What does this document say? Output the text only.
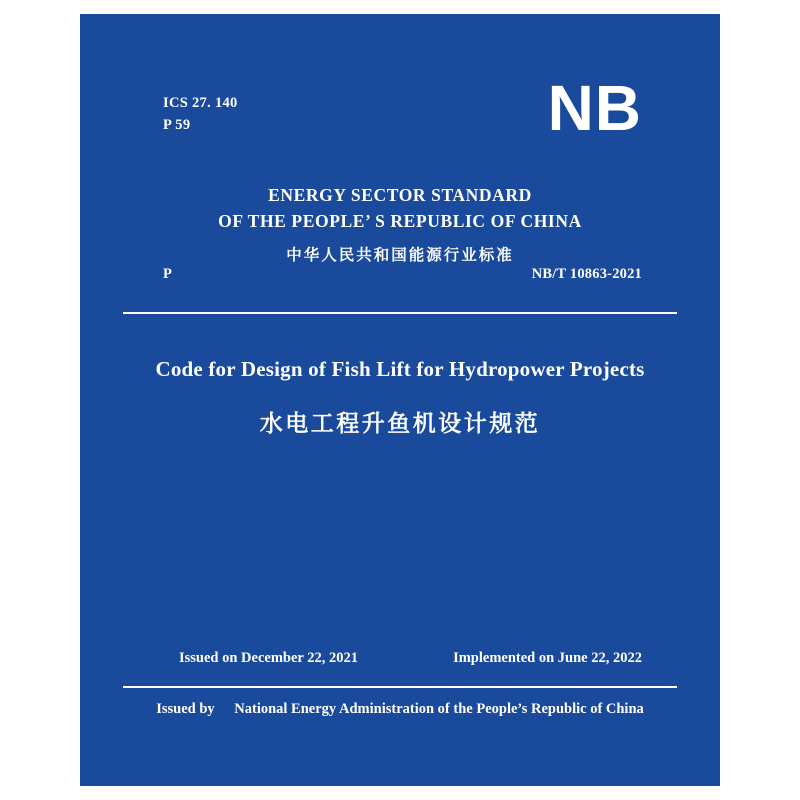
ICS 27. 140
P 59	NB
ENERGY SECTOR STANDARD
OF THE PEOPLE’ S REPUBLIC OF CHINA
中华人民共和国能源行业标准
P	NB/T 10863-2021
Code for Design of Fish Lift for Hydropower Projects
水电工程升鱼机设计规范
Issued on December 22, 2021	Implemented on June 22, 2022
Issued by National Energy Administration of the People’s Republic of China
